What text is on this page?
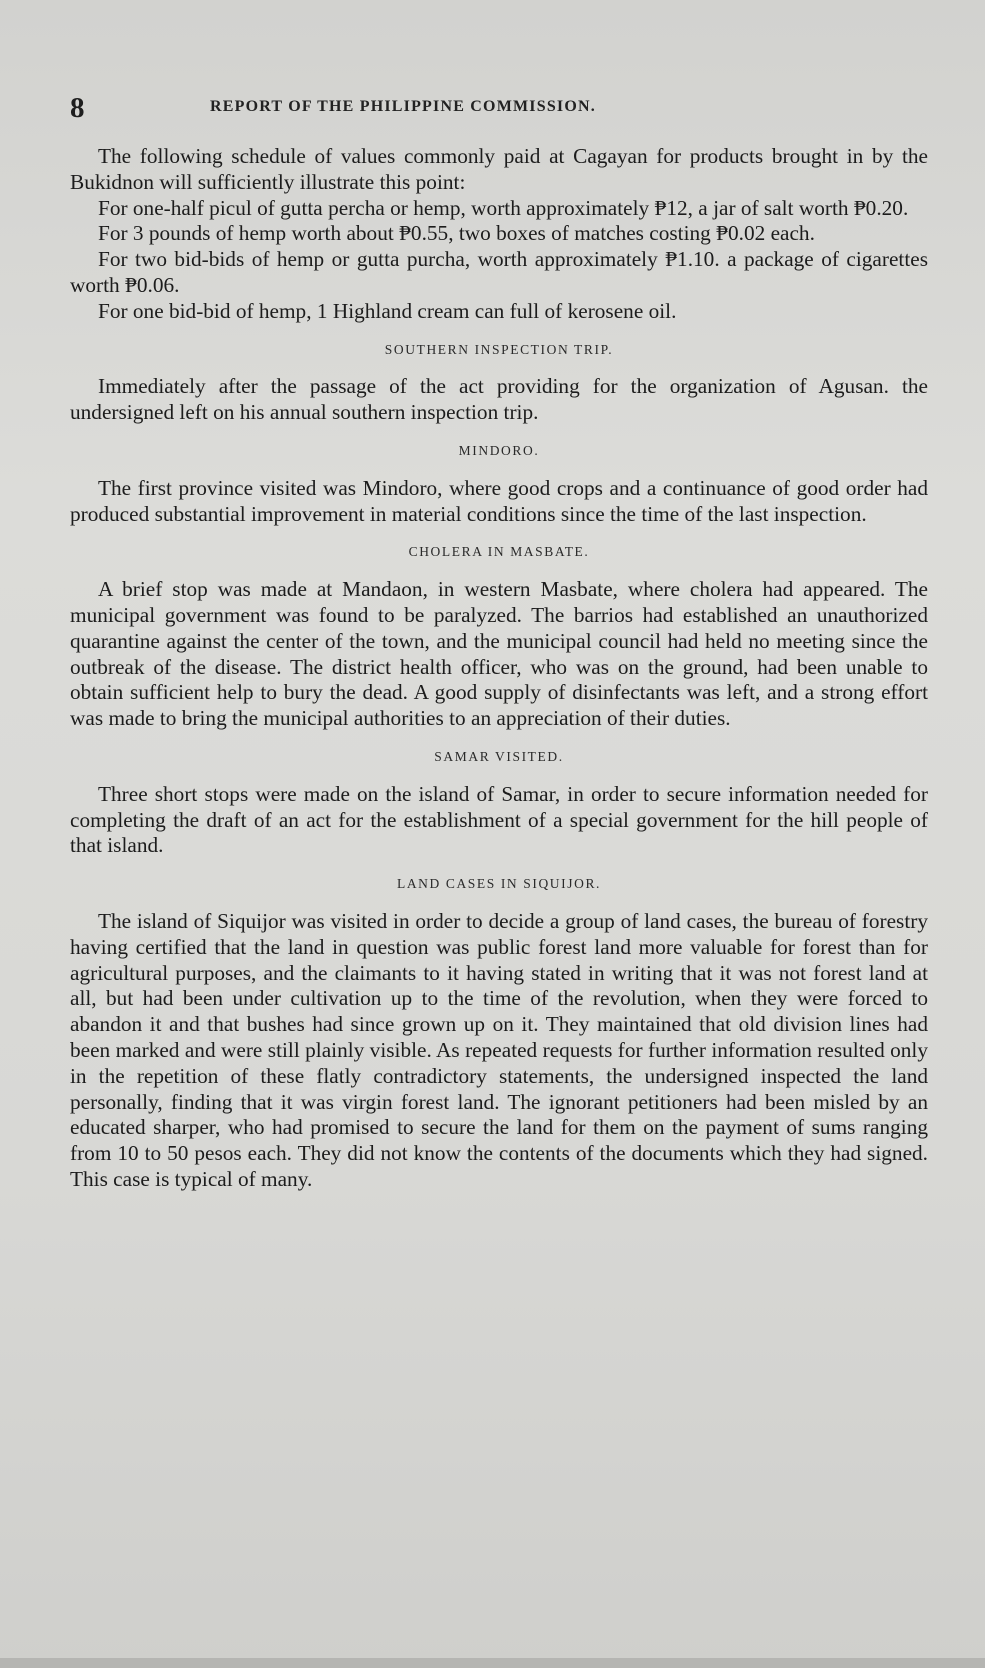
8	REPORT OF THE PHILIPPINE COMMISSION.

The following schedule of values commonly paid at Cagayan for products brought in by the Bukidnon will sufficiently illustrate this point:

For one-half picul of gutta percha or hemp, worth approximately ₱12, a jar of salt worth ₱0.20.

For 3 pounds of hemp worth about ₱0.55, two boxes of matches costing ₱0.02 each.

For two bid-bids of hemp or gutta purcha, worth approximately ₱1.10. a package of cigarettes worth ₱0.06.

For one bid-bid of hemp, 1 Highland cream can full of kerosene oil.

SOUTHERN INSPECTION TRIP.

Immediately after the passage of the act providing for the organization of Agusan. the undersigned left on his annual southern inspection trip.

MINDORO.

The first province visited was Mindoro, where good crops and a continuance of good order had produced substantial improvement in material conditions since the time of the last inspection.

CHOLERA IN MASBATE.

A brief stop was made at Mandaon, in western Masbate, where cholera had appeared. The municipal government was found to be paralyzed. The barrios had established an unauthorized quarantine against the center of the town, and the municipal council had held no meeting since the outbreak of the disease. The district health officer, who was on the ground, had been unable to obtain sufficient help to bury the dead. A good supply of disinfectants was left, and a strong effort was made to bring the municipal authorities to an appreciation of their duties.

SAMAR VISITED.

Three short stops were made on the island of Samar, in order to secure information needed for completing the draft of an act for the establishment of a special government for the hill people of that island.

LAND CASES IN SIQUIJOR.

The island of Siquijor was visited in order to decide a group of land cases, the bureau of forestry having certified that the land in question was public forest land more valuable for forest than for agricultural purposes, and the claimants to it having stated in writing that it was not forest land at all, but had been under cultivation up to the time of the revolution, when they were forced to abandon it and that bushes had since grown up on it. They maintained that old division lines had been marked and were still plainly visible. As repeated requests for further information resulted only in the repetition of these flatly contradictory statements, the undersigned inspected the land personally, finding that it was virgin forest land. The ignorant petitioners had been misled by an educated sharper, who had promised to secure the land for them on the payment of sums ranging from 10 to 50 pesos each. They did not know the contents of the documents which they had signed. This case is typical of many.
